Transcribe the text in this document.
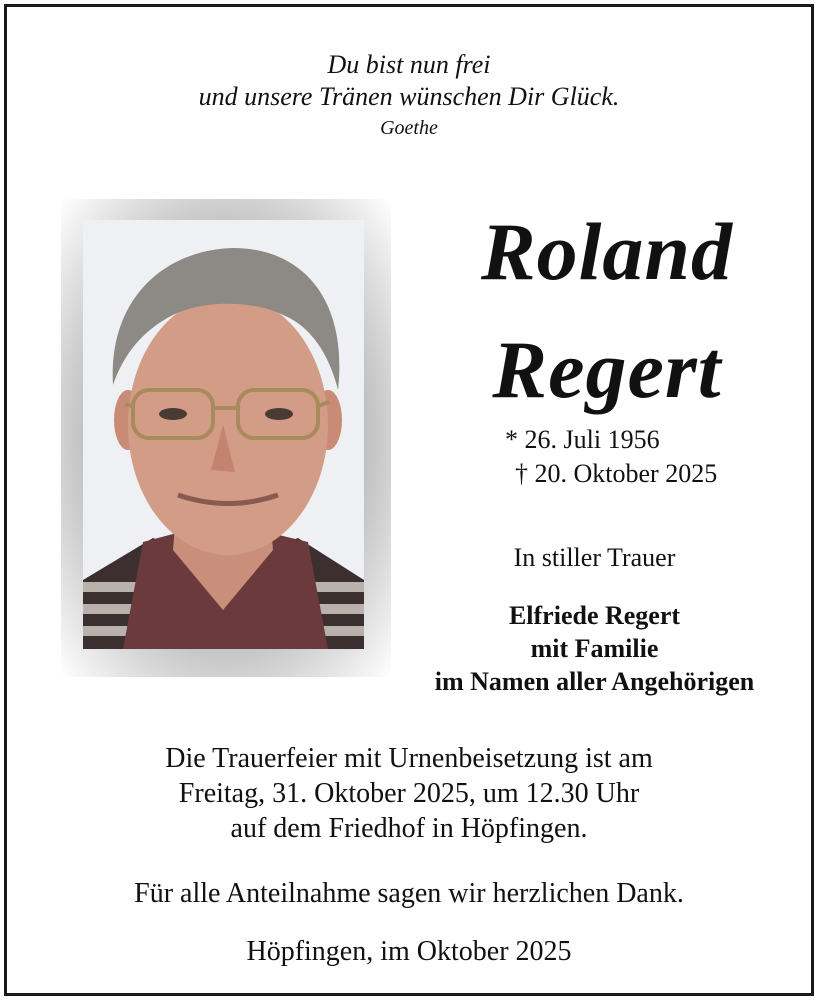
Du bist nun frei
und unsere Tränen wünschen Dir Glück.
Goethe
Roland
Regert
* 26. Juli 1956
† 20. Oktober 2025
In stiller Trauer
Elfriede Regert
mit Familie
im Namen aller Angehörigen
Die Trauerfeier mit Urnenbeisetzung ist am
Freitag, 31. Oktober 2025, um 12.30 Uhr
auf dem Friedhof in Höpfingen.
Für alle Anteilnahme sagen wir herzlichen Dank.
Höpfingen, im Oktober 2025
